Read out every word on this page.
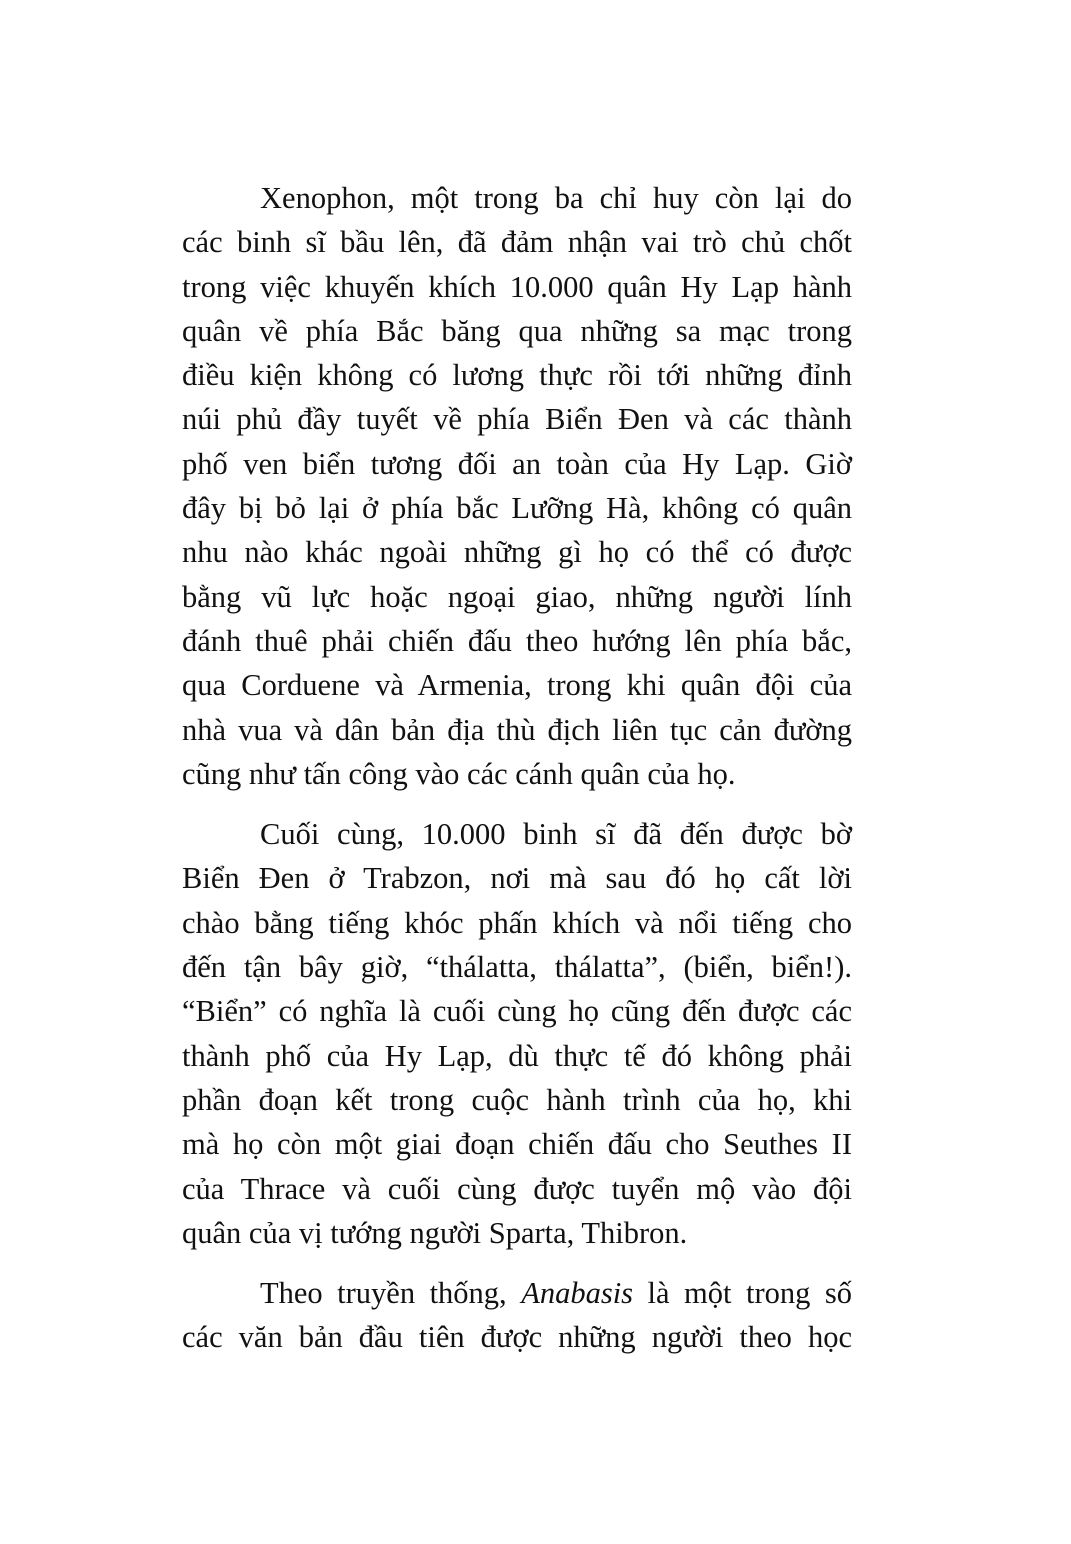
Xenophon, một trong ba chỉ huy còn lại do
các binh sĩ bầu lên, đã đảm nhận vai trò chủ chốt
trong việc khuyến khích 10.000 quân Hy Lạp hành
quân về phía Bắc băng qua những sa mạc trong
điều kiện không có lương thực rồi tới những đỉnh
núi phủ đầy tuyết về phía Biển Đen và các thành
phố ven biển tương đối an toàn của Hy Lạp. Giờ
đây bị bỏ lại ở phía bắc Lưỡng Hà, không có quân
nhu nào khác ngoài những gì họ có thể có được
bằng vũ lực hoặc ngoại giao, những người lính
đánh thuê phải chiến đấu theo hướng lên phía bắc,
qua Corduene và Armenia, trong khi quân đội của
nhà vua và dân bản địa thù địch liên tục cản đường
cũng như tấn công vào các cánh quân của họ.
Cuối cùng, 10.000 binh sĩ đã đến được bờ
Biển Đen ở Trabzon, nơi mà sau đó họ cất lời
chào bằng tiếng khóc phấn khích và nổi tiếng cho
đến tận bây giờ, “thálatta, thálatta”, (biển, biển!).
“Biển” có nghĩa là cuối cùng họ cũng đến được các
thành phố của Hy Lạp, dù thực tế đó không phải
phần đoạn kết trong cuộc hành trình của họ, khi
mà họ còn một giai đoạn chiến đấu cho Seuthes II
của Thrace và cuối cùng được tuyển mộ vào đội
quân của vị tướng người Sparta, Thibron.
Theo truyền thống, Anabasis là một trong số
các văn bản đầu tiên được những người theo học
